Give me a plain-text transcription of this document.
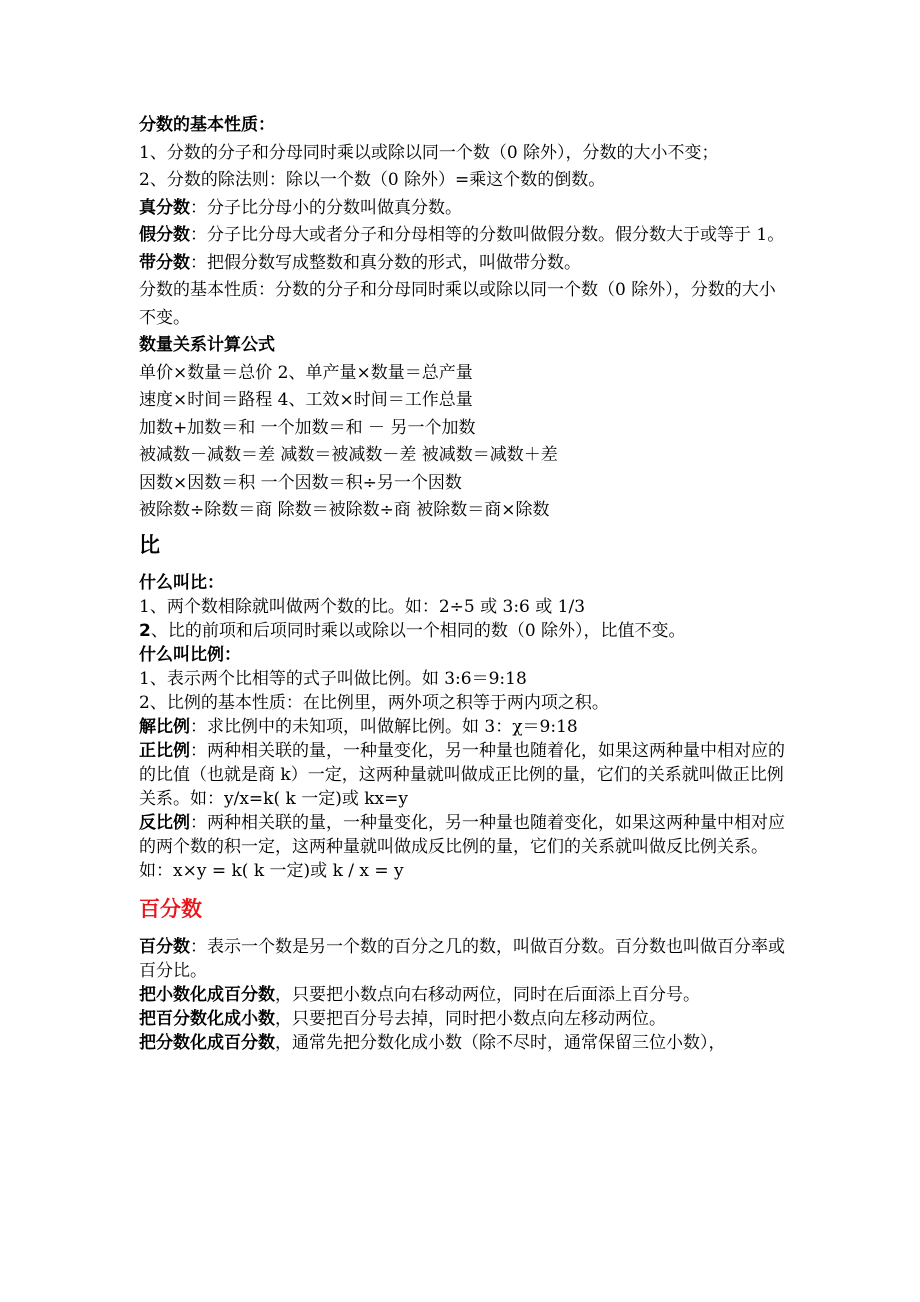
分数的基本性质：
1、分数的分子和分母同时乘以或除以同一个数（0 除外），分数的大小不变；
2、分数的除法则：除以一个数（0 除外）=乘这个数的倒数。
真分数：分子比分母小的分数叫做真分数。
假分数：分子比分母大或者分子和分母相等的分数叫做假分数。假分数大于或等于 1。
带分数：把假分数写成整数和真分数的形式，叫做带分数。
分数的基本性质：分数的分子和分母同时乘以或除以同一个数（0 除外），分数的大小不变。
数量关系计算公式
单价×数量＝总价 2、单产量×数量＝总产量
速度×时间＝路程 4、工效×时间＝工作总量
加数+加数＝和 一个加数＝和 － 另一个加数
被减数－减数＝差 减数＝被减数－差 被减数＝减数＋差
因数×因数＝积 一个因数＝积÷另一个因数
被除数÷除数＝商 除数＝被除数÷商 被除数＝商×除数
比
什么叫比：
1、两个数相除就叫做两个数的比。如：2÷5 或 3:6 或 1/3
2、比的前项和后项同时乘以或除以一个相同的数（0 除外），比值不变。
什么叫比例：
1、表示两个比相等的式子叫做比例。如 3:6＝9:18
2、比例的基本性质：在比例里，两外项之积等于两内项之积。
解比例：求比例中的未知项，叫做解比例。如 3：χ＝9:18
正比例：两种相关联的量，一种量变化，另一种量也随着化，如果这两种量中相对应的的比值（也就是商 k）一定，这两种量就叫做成正比例的量，它们的关系就叫做正比例关系。如：y/x=k( k 一定)或 kx=y
反比例：两种相关联的量，一种量变化，另一种量也随着变化，如果这两种量中相对应的两个数的积一定，这两种量就叫做成反比例的量，它们的关系就叫做反比例关系。 如：x×y = k( k 一定)或 k / x = y
百分数
百分数：表示一个数是另一个数的百分之几的数，叫做百分数。百分数也叫做百分率或百分比。
把小数化成百分数，只要把小数点向右移动两位，同时在后面添上百分号。
把百分数化成小数，只要把百分号去掉，同时把小数点向左移动两位。
把分数化成百分数，通常先把分数化成小数（除不尽时，通常保留三位小数），
